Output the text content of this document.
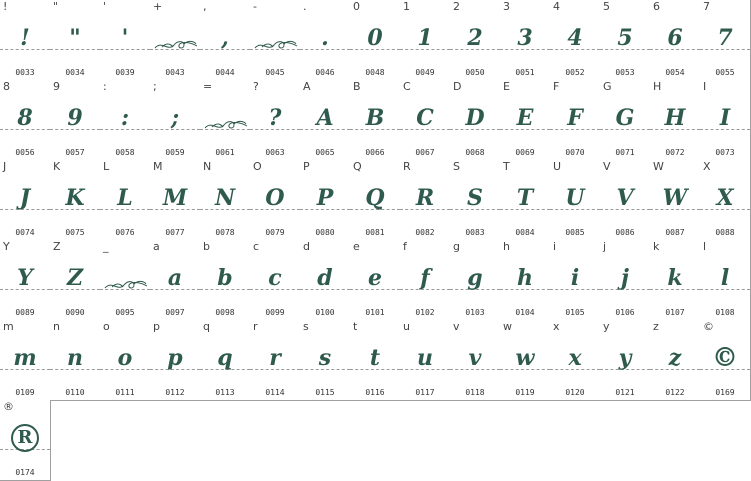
!
!
0033
"
"
0034
'
'
0039
+
0043
,
,
0044
-
0045
.
.
0046
0
0
0048
1
1
0049
2
2
0050
3
3
0051
4
4
0052
5
5
0053
6
6
0054
7
7
0055
8
8
0056
9
9
0057
:
:
0058
;
;
0059
=
0061
?
?
0063
A
A
0065
B
B
0066
C
C
0067
D
D
0068
E
E
0069
F
F
0070
G
G
0071
H
H
0072
I
I
0073
J
J
0074
K
K
0075
L
L
0076
M
M
0077
N
N
0078
O
O
0079
P
P
0080
Q
Q
0081
R
R
0082
S
S
0083
T
T
0084
U
U
0085
V
V
0086
W
W
0087
X
X
0088
Y
Y
0089
Z
Z
0090
_
0095
a
a
0097
b
b
0098
c
c
0099
d
d
0100
e
e
0101
f
f
0102
g
g
0103
h
h
0104
i
i
0105
j
j
0106
k
k
0107
l
l
0108
m
m
0109
n
n
0110
o
o
0111
p
p
0112
q
q
0113
r
r
0114
s
s
0115
t
t
0116
u
u
0117
v
v
0118
w
w
0119
x
x
0120
y
y
0121
z
z
0122
©
©
0169
®
R
0174
